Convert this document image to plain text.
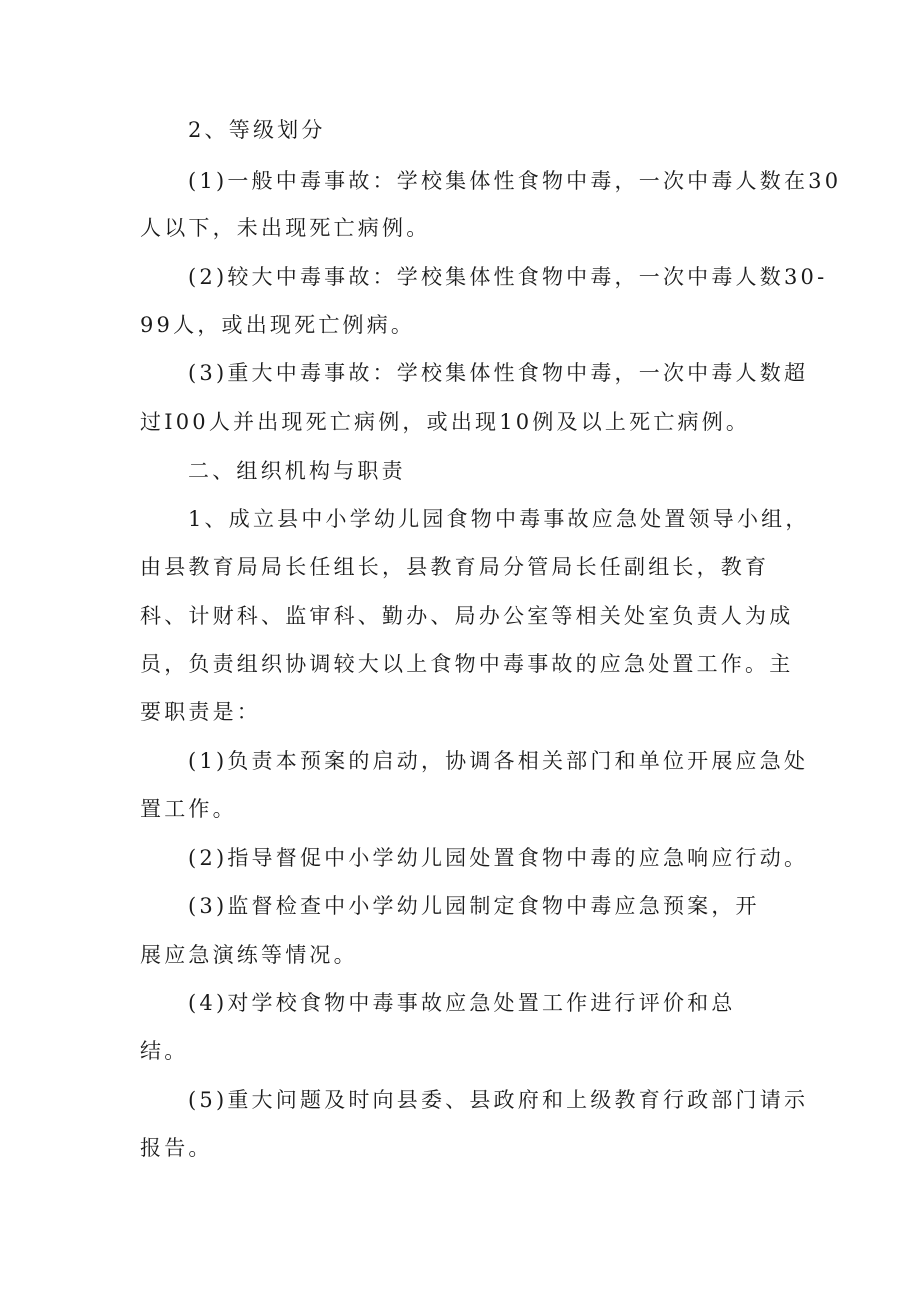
2、等级划分
(1)一般中毒事故：学校集体性食物中毒，一次中毒人数在30
人以下，未出现死亡病例。
(2)较大中毒事故：学校集体性食物中毒，一次中毒人数30-
99人，或出现死亡例病。
(3)重大中毒事故：学校集体性食物中毒，一次中毒人数超
过I00人并出现死亡病例，或出现10例及以上死亡病例。
二、组织机构与职责
1、成立县中小学幼儿园食物中毒事故应急处置领导小组，
由县教育局局长任组长，县教育局分管局长任副组长，教育
科、计财科、监审科、勤办、局办公室等相关处室负责人为成
员，负责组织协调较大以上食物中毒事故的应急处置工作。主
要职责是：
(1)负责本预案的启动，协调各相关部门和单位开展应急处
置工作。
(2)指导督促中小学幼儿园处置食物中毒的应急响应行动。
(3)监督检查中小学幼儿园制定食物中毒应急预案，开
展应急演练等情况。
(4)对学校食物中毒事故应急处置工作进行评价和总
结。
(5)重大问题及时向县委、县政府和上级教育行政部门请示
报告。
